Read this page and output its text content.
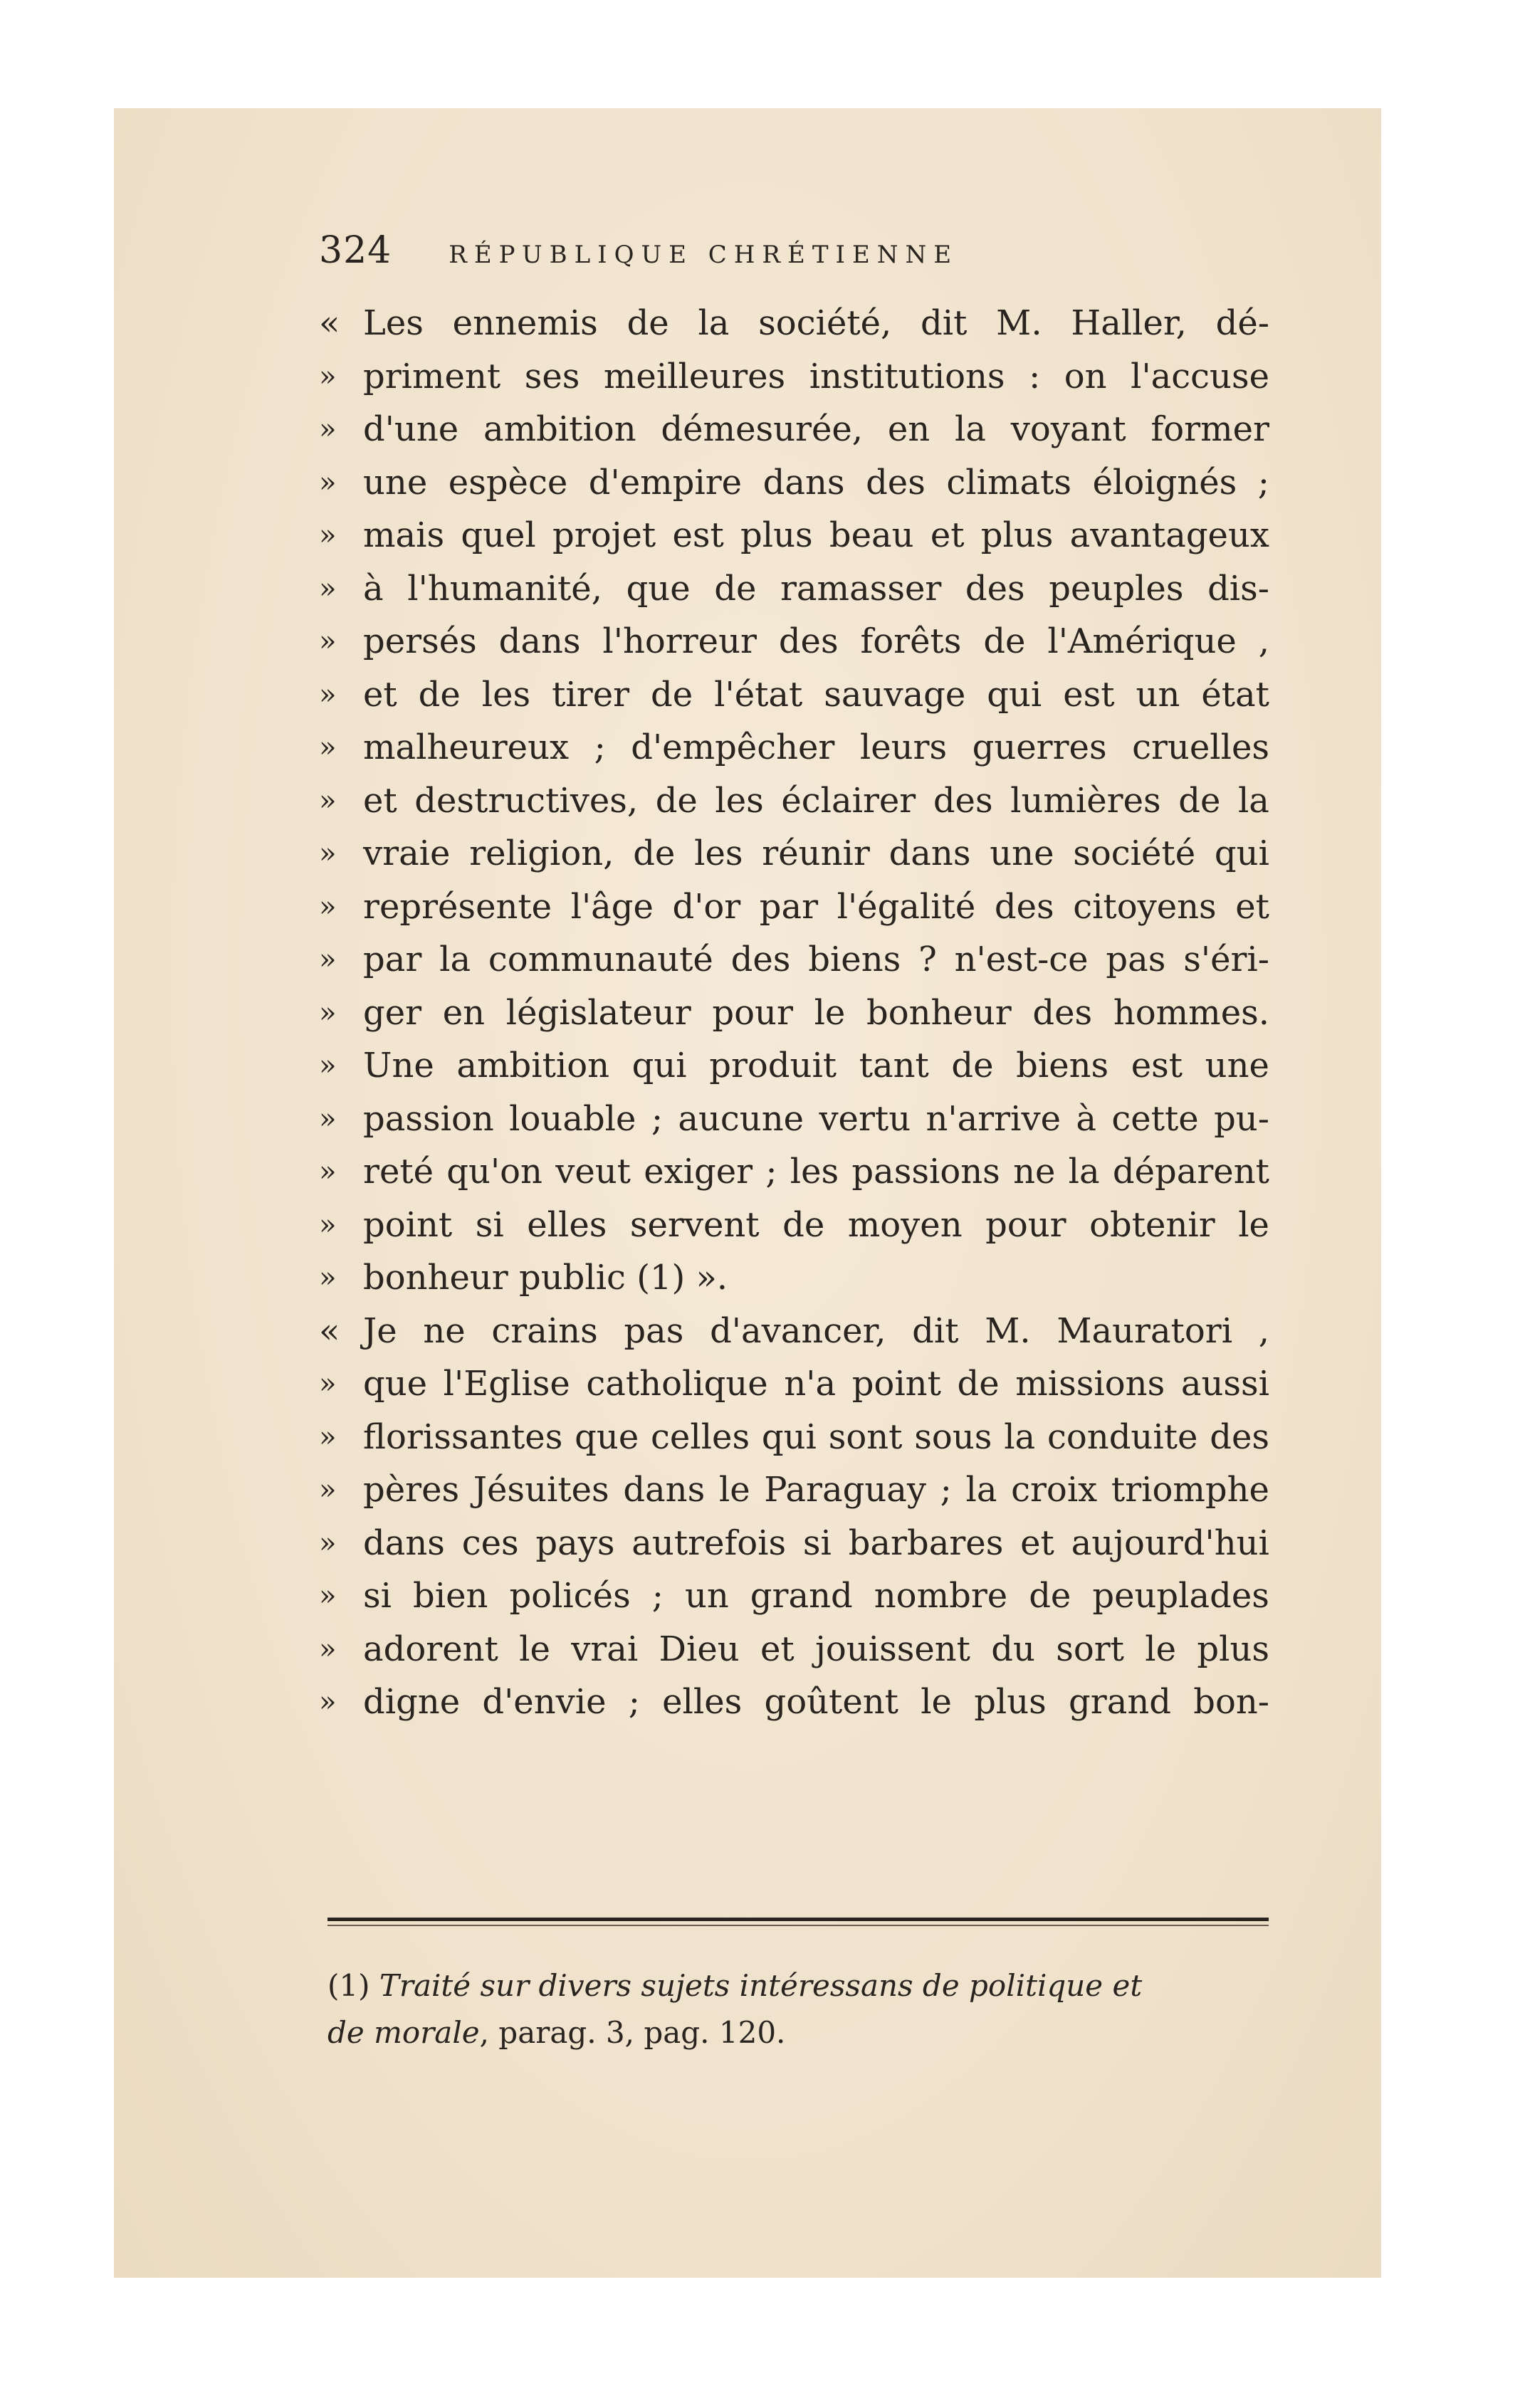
324 RÉPUBLIQUE CHRÉTIENNE
« Les ennemis de la société, dit M. Haller, dé-
» priment ses meilleures institutions : on l'accuse
» d'une ambition démesurée, en la voyant former
» une espèce d'empire dans des climats éloignés ;
» mais quel projet est plus beau et plus avantageux
» à l'humanité, que de ramasser des peuples dis-
» persés dans l'horreur des forêts de l'Amérique ,
» et de les tirer de l'état sauvage qui est un état
» malheureux ; d'empêcher leurs guerres cruelles
» et destructives, de les éclairer des lumières de la
» vraie religion, de les réunir dans une société qui
» représente l'âge d'or par l'égalité des citoyens et
» par la communauté des biens ? n'est-ce pas s'éri-
» ger en législateur pour le bonheur des hommes.
» Une ambition qui produit tant de biens est une
» passion louable ; aucune vertu n'arrive à cette pu-
» reté qu'on veut exiger ; les passions ne la déparent
» point si elles servent de moyen pour obtenir le
» bonheur public (1) ».
« Je ne crains pas d'avancer, dit M. Mauratori ,
» que l'Eglise catholique n'a point de missions aussi
» florissantes que celles qui sont sous la conduite des
» pères Jésuites dans le Paraguay ; la croix triomphe
» dans ces pays autrefois si barbares et aujourd'hui
» si bien policés ; un grand nombre de peuplades
» adorent le vrai Dieu et jouissent du sort le plus
» digne d'envie ; elles goûtent le plus grand bon-
(1) Traité sur divers sujets intéressans de politique et
de morale, parag. 3, pag. 120.
